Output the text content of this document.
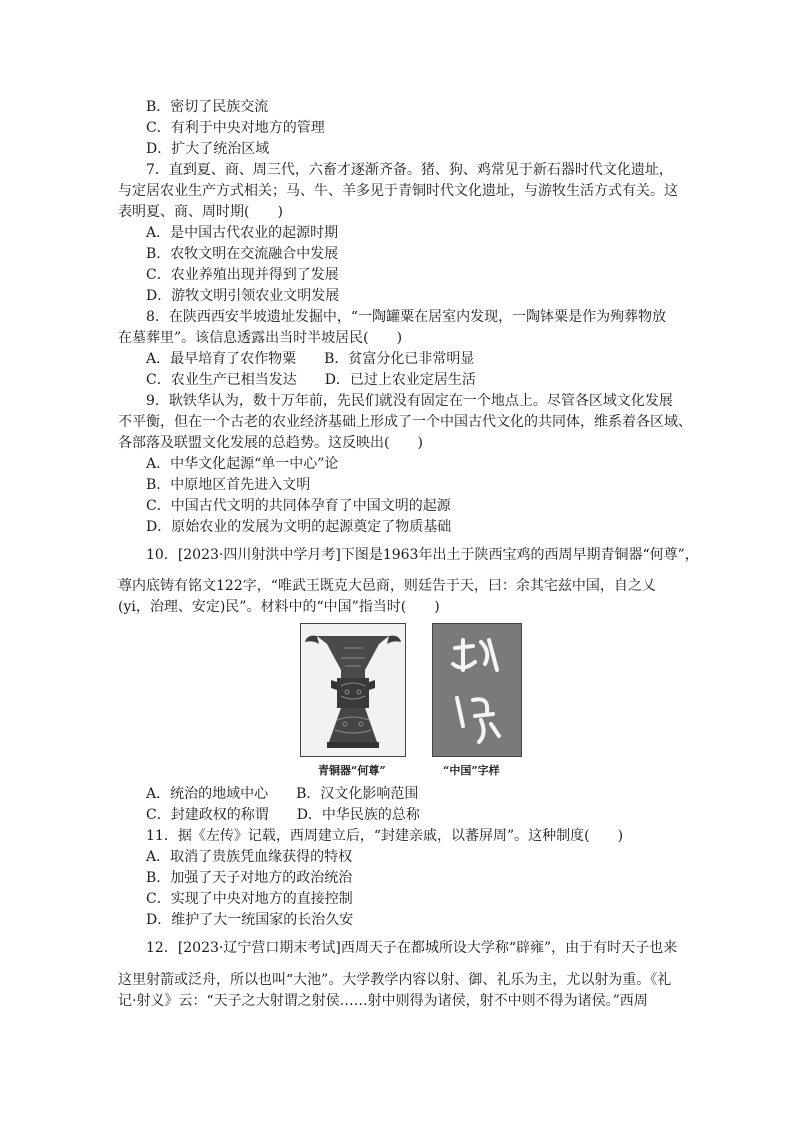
B．密切了民族交流
C．有利于中央对地方的管理
D．扩大了统治区域
7．直到夏、商、周三代，六畜才逐渐齐备。猪、狗、鸡常见于新石器时代文化遗址，
与定居农业生产方式相关；马、牛、羊多见于青铜时代文化遗址，与游牧生活方式有关。这
表明夏、商、周时期(　　)
A．是中国古代农业的起源时期
B．农牧文明在交流融合中发展
C．农业养殖出现并得到了发展
D．游牧文明引领农业文明发展
8．在陕西西安半坡遗址发掘中，“一陶罐粟在居室内发现，一陶钵粟是作为殉葬物放
在墓葬里”。该信息透露出当时半坡居民(　　)
A．最早培育了农作物粟　　B．贫富分化已非常明显
C．农业生产已相当发达　　D．已过上农业定居生活
9．耿铁华认为，数十万年前，先民们就没有固定在一个地点上。尽管各区域文化发展
不平衡，但在一个古老的农业经济基础上形成了一个中国古代文化的共同体，维系着各区域、
各部落及联盟文化发展的总趋势。这反映出(　　)
A．中华文化起源“单一中心”论
B．中原地区首先进入文明
C．中国古代文明的共同体孕育了中国文明的起源
D．原始农业的发展为文明的起源奠定了物质基础
10．[2023·四川射洪中学月考]下图是1963年出土于陕西宝鸡的西周早期青铜器“何尊”，
尊内底铸有铭文122字，“唯武王既克大邑商，则廷告于天，曰：余其宅兹中国，自之乂
(yi，治理、安定)民”。材料中的“中国”指当时(　　)
青铜器“何尊”	“中国”字样
A．统治的地域中心　　B．汉文化影响范围
C．封建政权的称谓　　D．中华民族的总称
11．据《左传》记载，西周建立后，“封建亲戚，以蕃屏周”。这种制度(　　)
A．取消了贵族凭血缘获得的特权
B．加强了天子对地方的政治统治
C．实现了中央对地方的直接控制
D．维护了大一统国家的长治久安
12．[2023·辽宁营口期末考试]西周天子在都城所设大学称“辟雍”，由于有时天子也来
这里射箭或泛舟，所以也叫“大池”。大学教学内容以射、御、礼乐为主，尤以射为重。《礼
记·射义》云：“天子之大射谓之射侯……射中则得为诸侯，射不中则不得为诸侯。”西周
